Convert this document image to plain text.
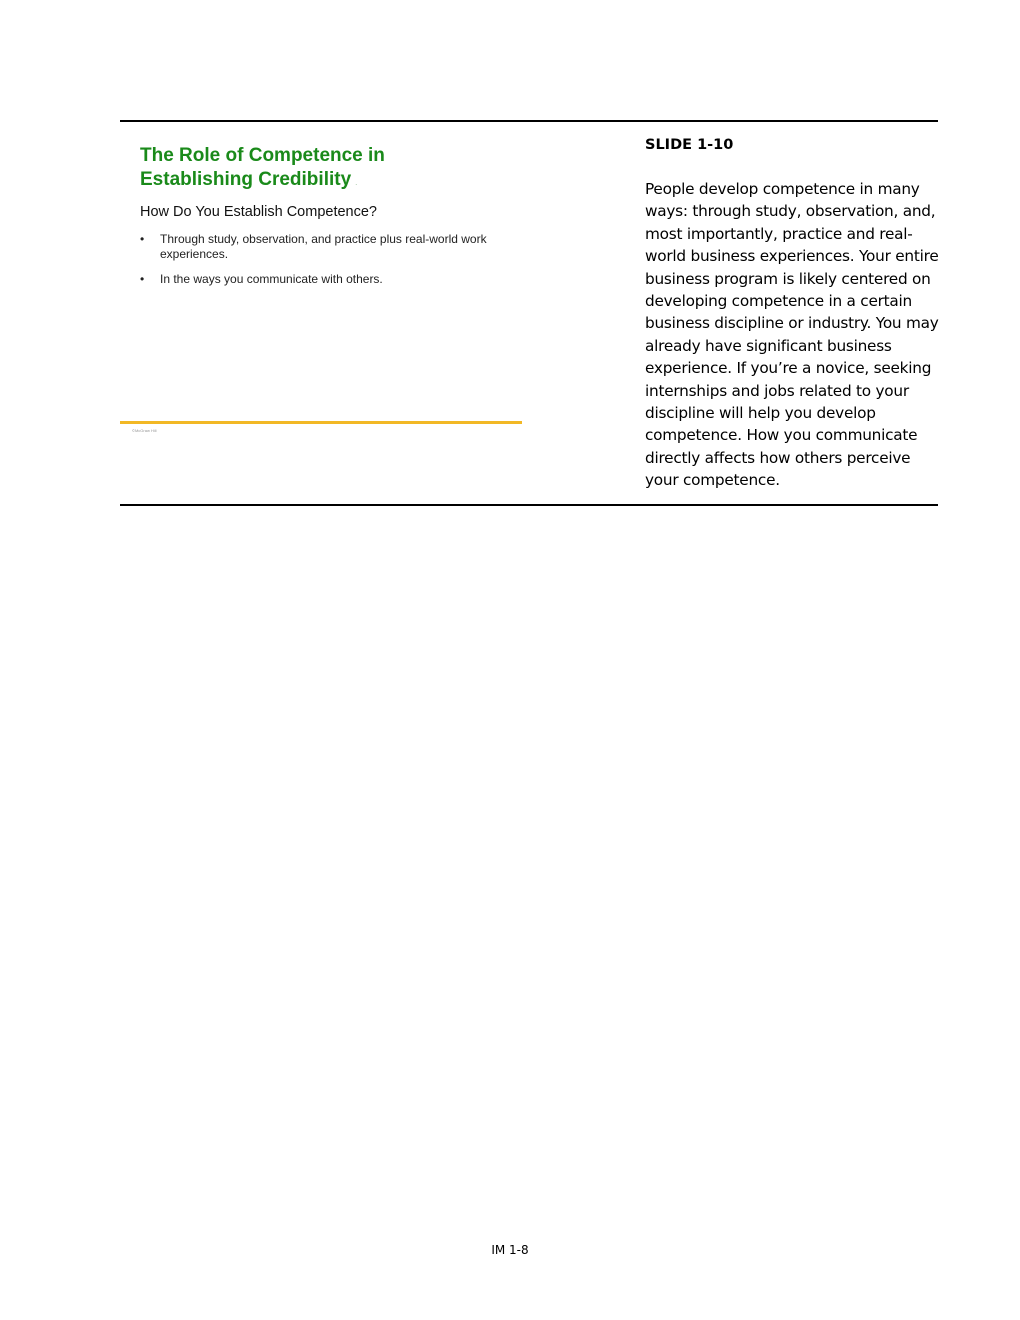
The Role of Competence in Establishing Credibility .

How Do You Establish Competence?

• Through study, observation, and practice plus real-world work experiences.
• In the ways you communicate with others.
©McGraw Hill

SLIDE 1-10

People develop competence in many ways: through study, observation, and, most importantly, practice and real-world business experiences. Your entire business program is likely centered on developing competence in a certain business discipline or industry. You may already have significant business experience. If you’re a novice, seeking internships and jobs related to your discipline will help you develop competence. How you communicate directly affects how others perceive your competence.

IM 1-8
